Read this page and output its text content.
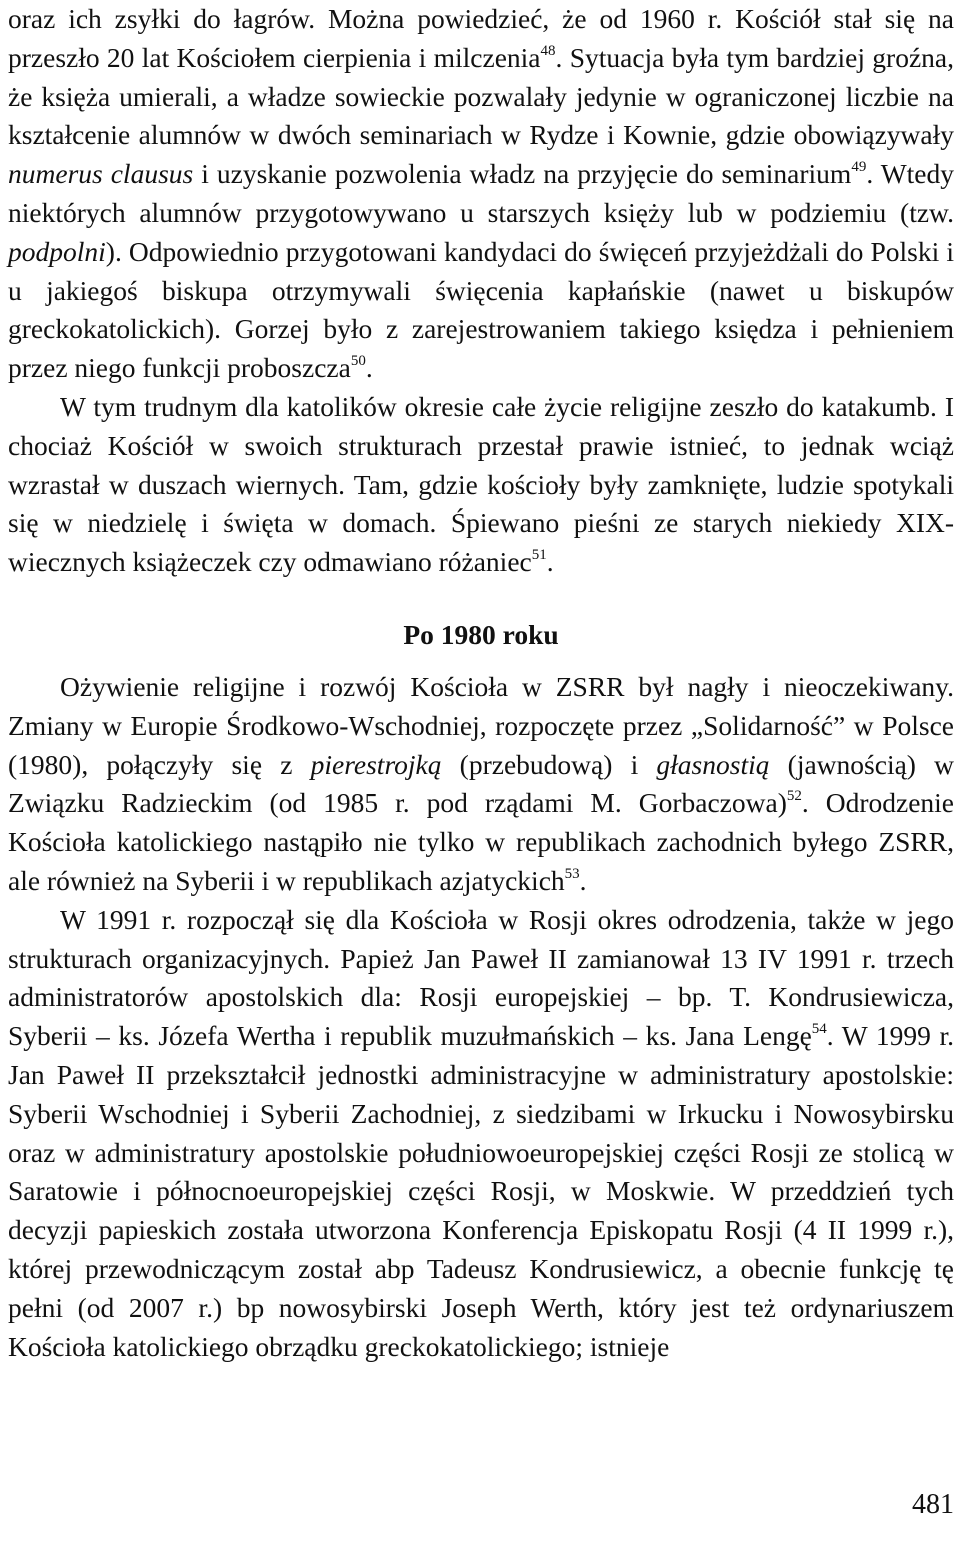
oraz ich zsyłki do łagrów. Można powiedzieć, że od 1960 r. Kościół stał się na przeszło 20 lat Kościołem cierpienia i milczenia$^{48}$. Sytuacja była tym bardziej groźna, że księża umierali, a władze sowieckie pozwalały jedynie w ograniczonej liczbie na kształcenie alumnów w dwóch seminariach w Rydze i Kownie, gdzie obowiązywały numerus clausus i uzyskanie pozwolenia władz na przyjęcie do seminarium$^{49}$. Wtedy niektórych alumnów przygotowywano u starszych księży lub w podziemiu (tzw. podpolni). Odpowiednio przygotowani kandydaci do święceń przyjeżdżali do Polski i u jakiegoś biskupa otrzymywali święcenia kapłańskie (nawet u biskupów greckokatolickich). Gorzej było z zarejestrowaniem takiego księdza i pełnieniem przez niego funkcji proboszcza$^{50}$.

W tym trudnym dla katolików okresie całe życie religijne zeszło do katakumb. I chociaż Kościół w swoich strukturach przestał prawie istnieć, to jednak wciąż wzrastał w duszach wiernych. Tam, gdzie kościoły były zamknięte, ludzie spotykali się w niedzielę i święta w domach. Śpiewano pieśni ze starych niekiedy XIX-wiecznych książeczek czy odmawiano różaniec$^{51}$.

Po 1980 roku

Ożywienie religijne i rozwój Kościoła w ZSRR był nagły i nieoczekiwany. Zmiany w Europie Środkowo-Wschodniej, rozpoczęte przez „Solidarność” w Polsce (1980), połączyły się z pierestrojką (przebudową) i głasnostią (jawnością) w Związku Radzieckim (od 1985 r. pod rządami M. Gorbaczowa)$^{52}$. Odrodzenie Kościoła katolickiego nastąpiło nie tylko w republikach zachodnich byłego ZSRR, ale również na Syberii i w republikach azjatyckich$^{53}$.

W 1991 r. rozpoczął się dla Kościoła w Rosji okres odrodzenia, także w jego strukturach organizacyjnych. Papież Jan Paweł II zamianował 13 IV 1991 r. trzech administratorów apostolskich dla: Rosji europejskiej – bp. T. Kondrusiewicza, Syberii – ks. Józefa Wertha i republik muzułmańskich – ks. Jana Lengę$^{54}$. W 1999 r. Jan Paweł II przekształcił jednostki administracyjne w administratury apostolskie: Syberii Wschodniej i Syberii Zachodniej, z siedzibami w Irkucku i Nowosybirsku oraz w administratury apostolskie południowoeuropejskiej części Rosji ze stolicą w Saratowie i północnoeuropejskiej części Rosji, w Moskwie. W przeddzień tych decyzji papieskich została utworzona Konferencja Episkopatu Rosji (4 II 1999 r.), której przewodniczącym został abp Tadeusz Kondrusiewicz, a obecnie funkcję tę pełni (od 2007 r.) bp nowosybirski Joseph Werth, który jest też ordynariuszem Kościoła katolickiego obrządku greckokatolickiego; istnieje

481
